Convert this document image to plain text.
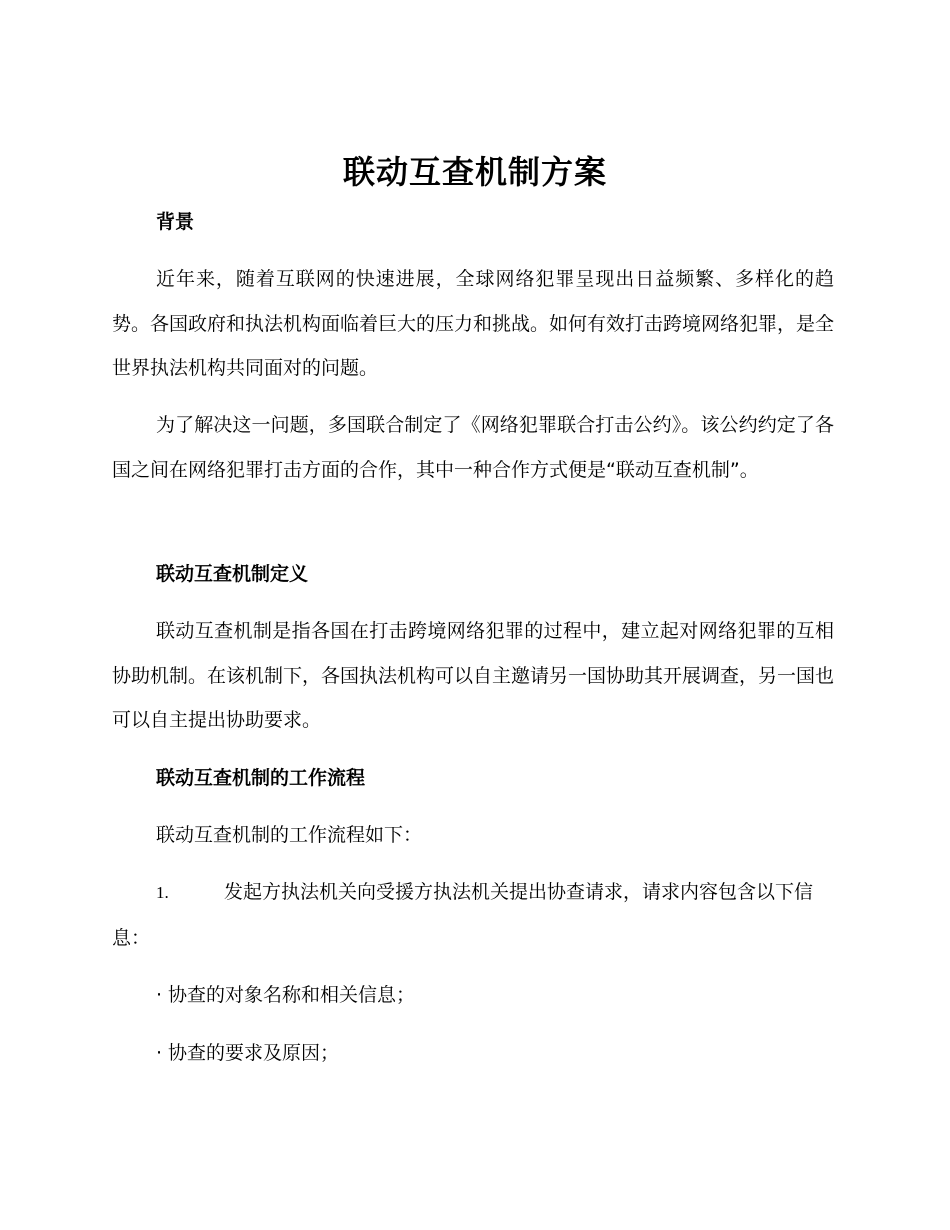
联动互查机制方案
背景

近年来，随着互联网的快速进展，全球网络犯罪呈现出日益频繁、多样化的趋势。各国政府和执法机构面临着巨大的压力和挑战。如何有效打击跨境网络犯罪，是全世界执法机构共同面对的问题。

为了解决这一问题，多国联合制定了《网络犯罪联合打击公约》。该公约约定了各国之间在网络犯罪打击方面的合作，其中一种合作方式便是“联动互查机制”。

联动互查机制定义

联动互查机制是指各国在打击跨境网络犯罪的过程中，建立起对网络犯罪的互相协助机制。在该机制下，各国执法机构可以自主邀请另一国协助其开展调查，另一国也可以自主提出协助要求。

联动互查机制的工作流程
联动互查机制的工作流程如下：

1.	发起方执法机关向受援方执法机关提出协查请求，请求内容包含以下信息：

· 协查的对象名称和相关信息；
· 协查的要求及原因；
